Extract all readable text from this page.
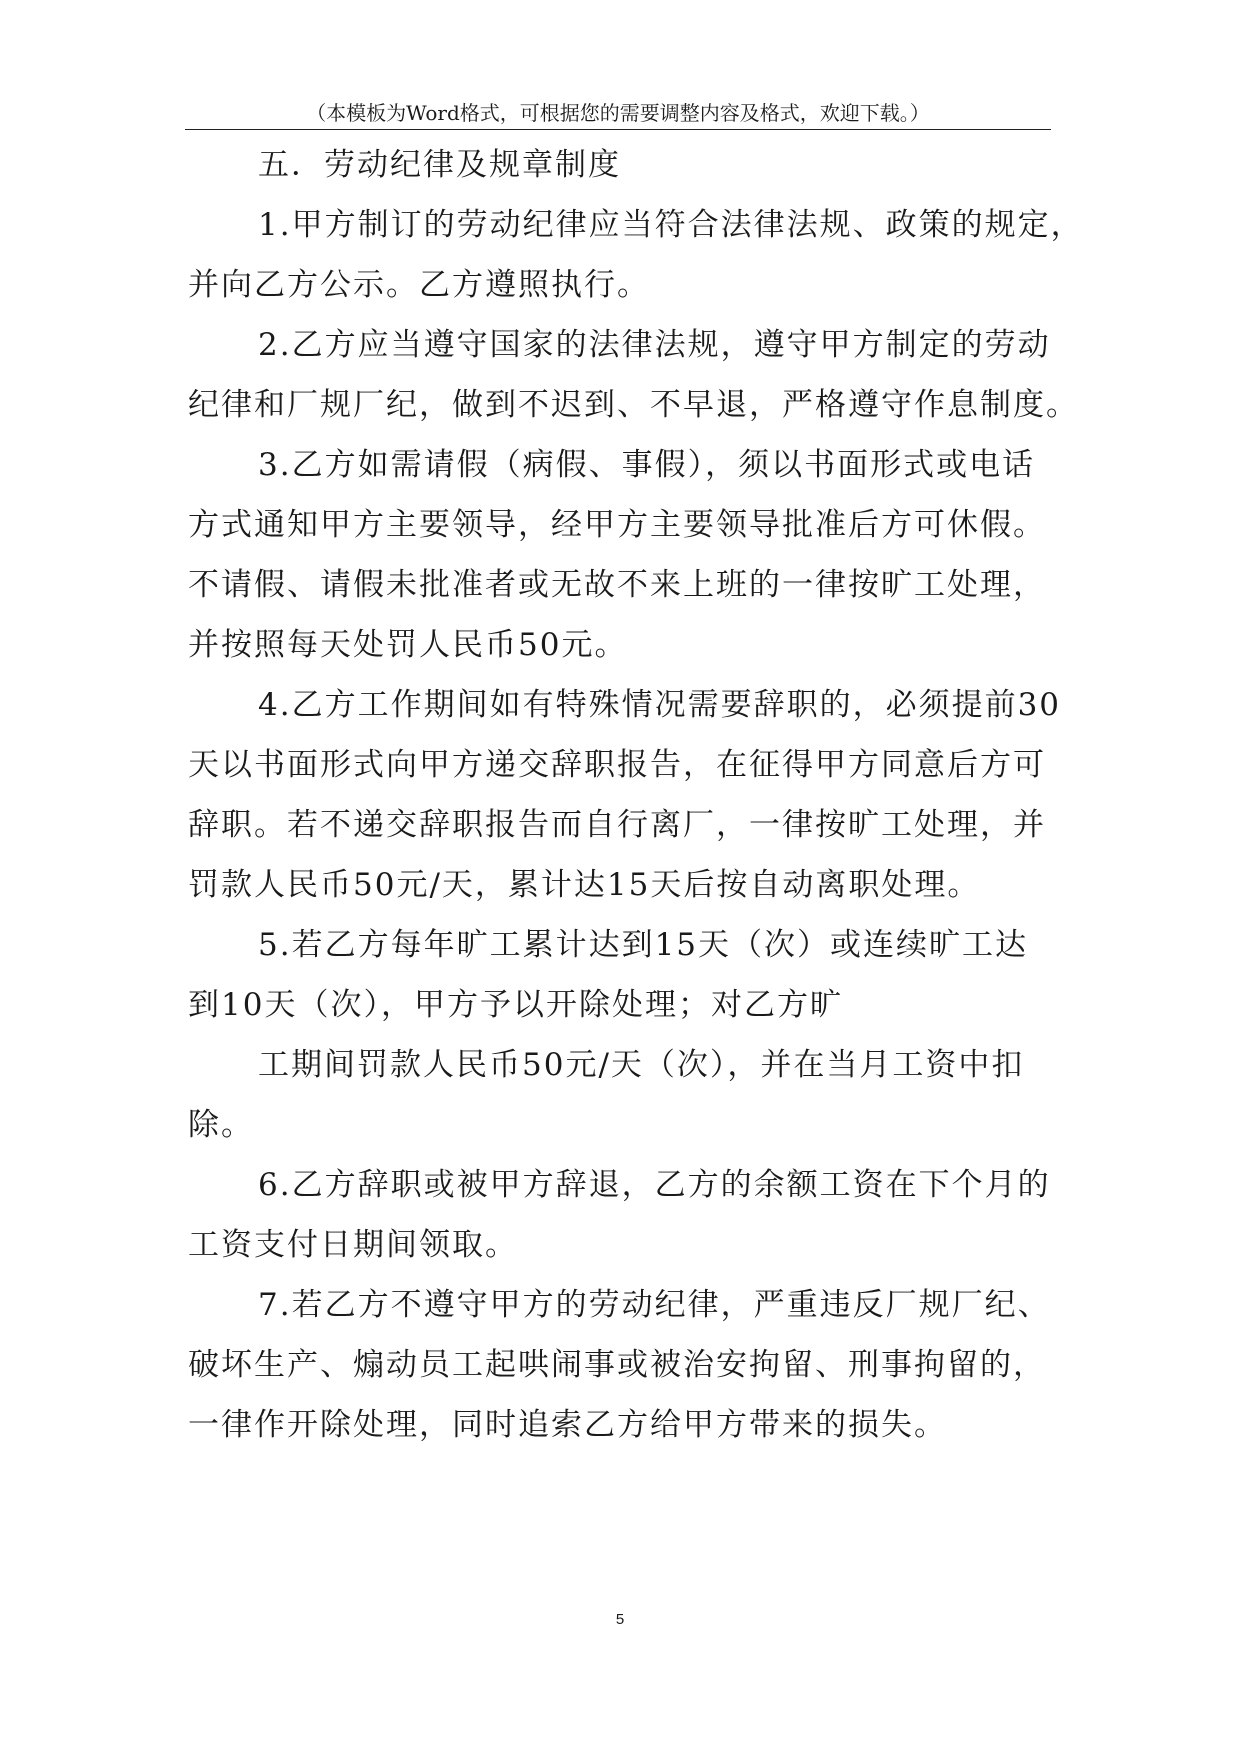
（本模板为Word格式，可根据您的需要调整内容及格式，欢迎下载。）
五．劳动纪律及规章制度
1.甲方制订的劳动纪律应当符合法律法规、政策的规定，
并向乙方公示。乙方遵照执行。
2.乙方应当遵守国家的法律法规，遵守甲方制定的劳动
纪律和厂规厂纪，做到不迟到、不早退，严格遵守作息制度。
3.乙方如需请假（病假、事假），须以书面形式或电话
方式通知甲方主要领导，经甲方主要领导批准后方可休假。
不请假、请假未批准者或无故不来上班的一律按旷工处理，
并按照每天处罚人民币50元。
4.乙方工作期间如有特殊情况需要辞职的，必须提前30
天以书面形式向甲方递交辞职报告，在征得甲方同意后方可
辞职。若不递交辞职报告而自行离厂，一律按旷工处理，并
罚款人民币50元/天，累计达15天后按自动离职处理。
5.若乙方每年旷工累计达到15天（次）或连续旷工达
到10天（次），甲方予以开除处理；对乙方旷
工期间罚款人民币50元/天（次），并在当月工资中扣
除。
6.乙方辞职或被甲方辞退，乙方的余额工资在下个月的
工资支付日期间领取。
7.若乙方不遵守甲方的劳动纪律，严重违反厂规厂纪、
破坏生产、煽动员工起哄闹事或被治安拘留、刑事拘留的，
一律作开除处理，同时追索乙方给甲方带来的损失。
5
